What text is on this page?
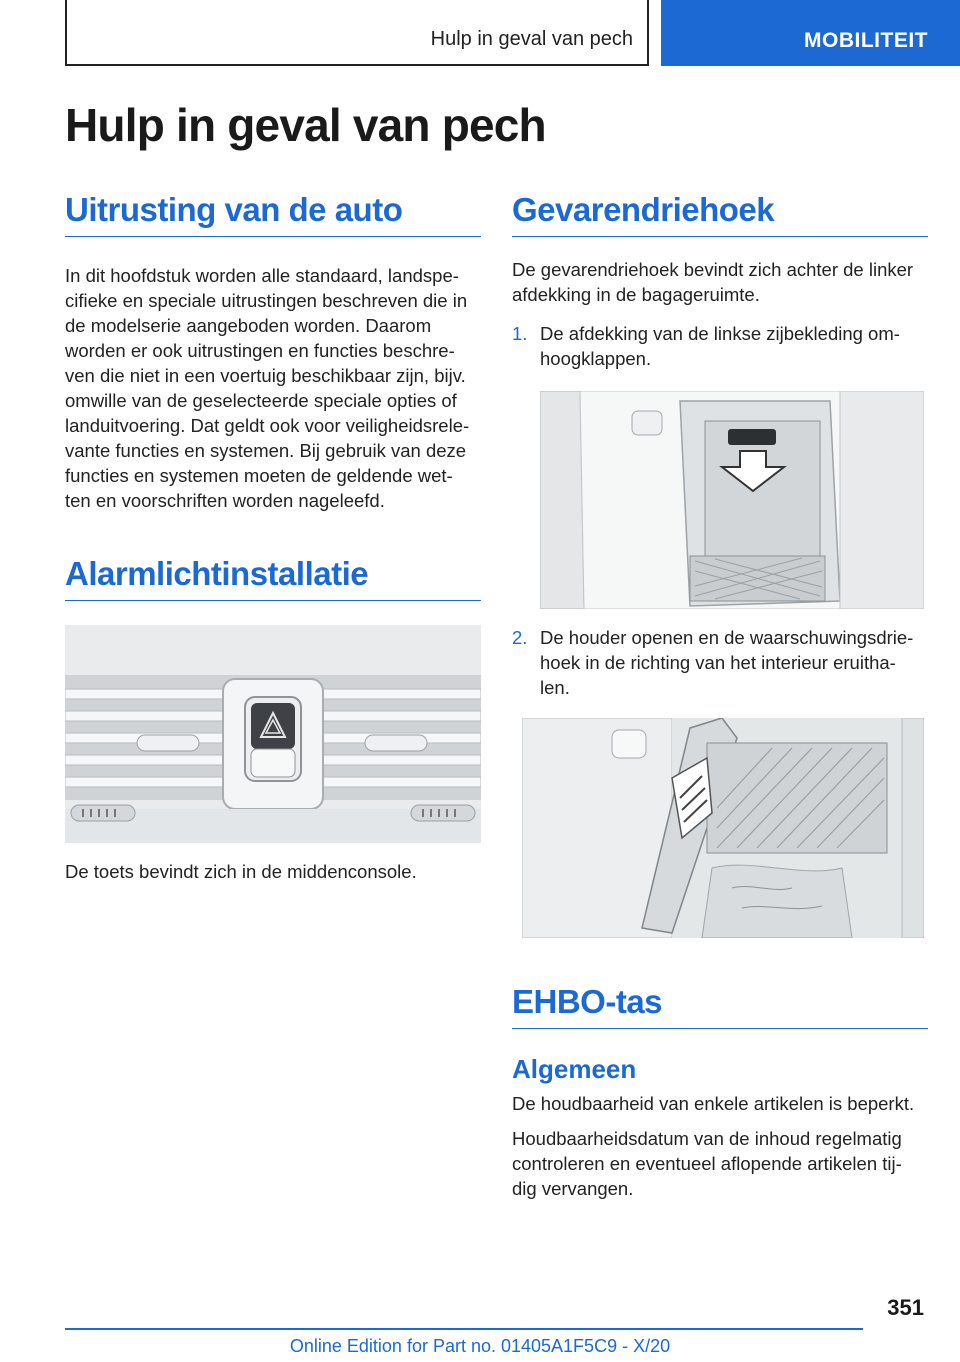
Hulp in geval van pech	MOBILITEIT
Hulp in geval van pech
Uitrusting van de auto
In dit hoofdstuk worden alle standaard, landspe-
cifieke en speciale uitrustingen beschreven die in
de modelserie aangeboden worden. Daarom
worden er ook uitrustingen en functies beschre-
ven die niet in een voertuig beschikbaar zijn, bijv.
omwille van de geselecteerde speciale opties of
landuitvoering. Dat geldt ook voor veiligheidsrele-
vante functies en systemen. Bij gebruik van deze
functies en systemen moeten de geldende wet-
ten en voorschriften worden nageleefd.
Alarmlichtinstallatie
De toets bevindt zich in de middenconsole.
Gevarendriehoek
De gevarendriehoek bevindt zich achter de linker
afdekking in de bagageruimte.
1. De afdekking van de linkse zijbekleding om-
hoogklappen.
2. De houder openen en de waarschuwingsdrie-
hoek in de richting van het interieur eruitha-
len.
EHBO-tas
Algemeen
De houdbaarheid van enkele artikelen is beperkt.
Houdbaarheidsdatum van de inhoud regelmatig
controleren en eventueel aflopende artikelen tij-
dig vervangen.
351
Online Edition for Part no. 01405A1F5C9 - X/20
